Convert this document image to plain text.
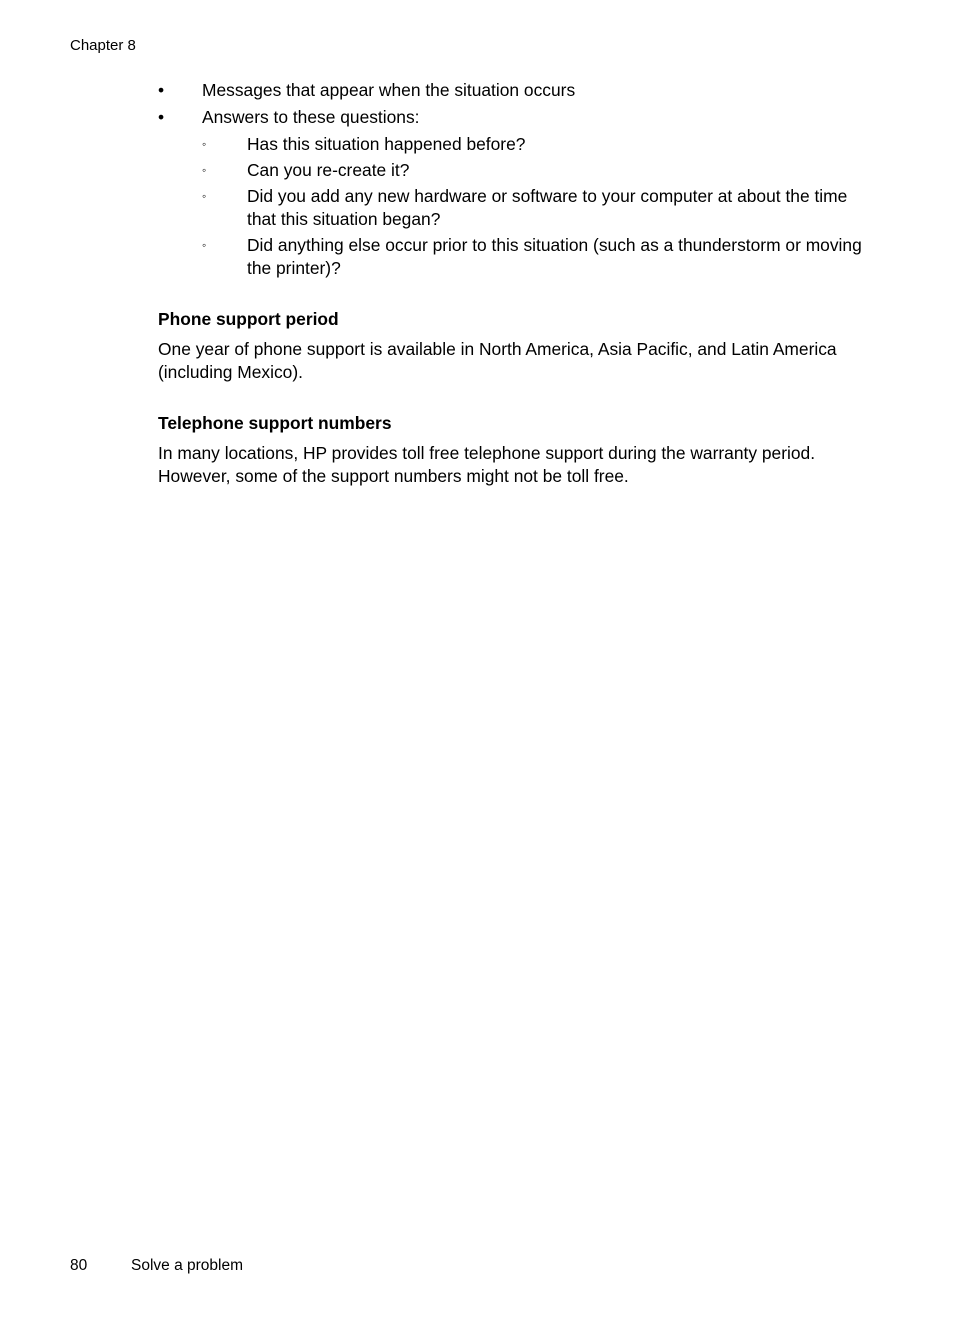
Chapter 8
• Messages that appear when the situation occurs
• Answers to these questions:
◦ Has this situation happened before?
◦ Can you re-create it?
◦ Did you add any new hardware or software to your computer at about the time that this situation began?
◦ Did anything else occur prior to this situation (such as a thunderstorm or moving the printer)?
Phone support period

One year of phone support is available in North America, Asia Pacific, and Latin America (including Mexico).

Telephone support numbers

In many locations, HP provides toll free telephone support during the warranty period. However, some of the support numbers might not be toll free.

80	Solve a problem
